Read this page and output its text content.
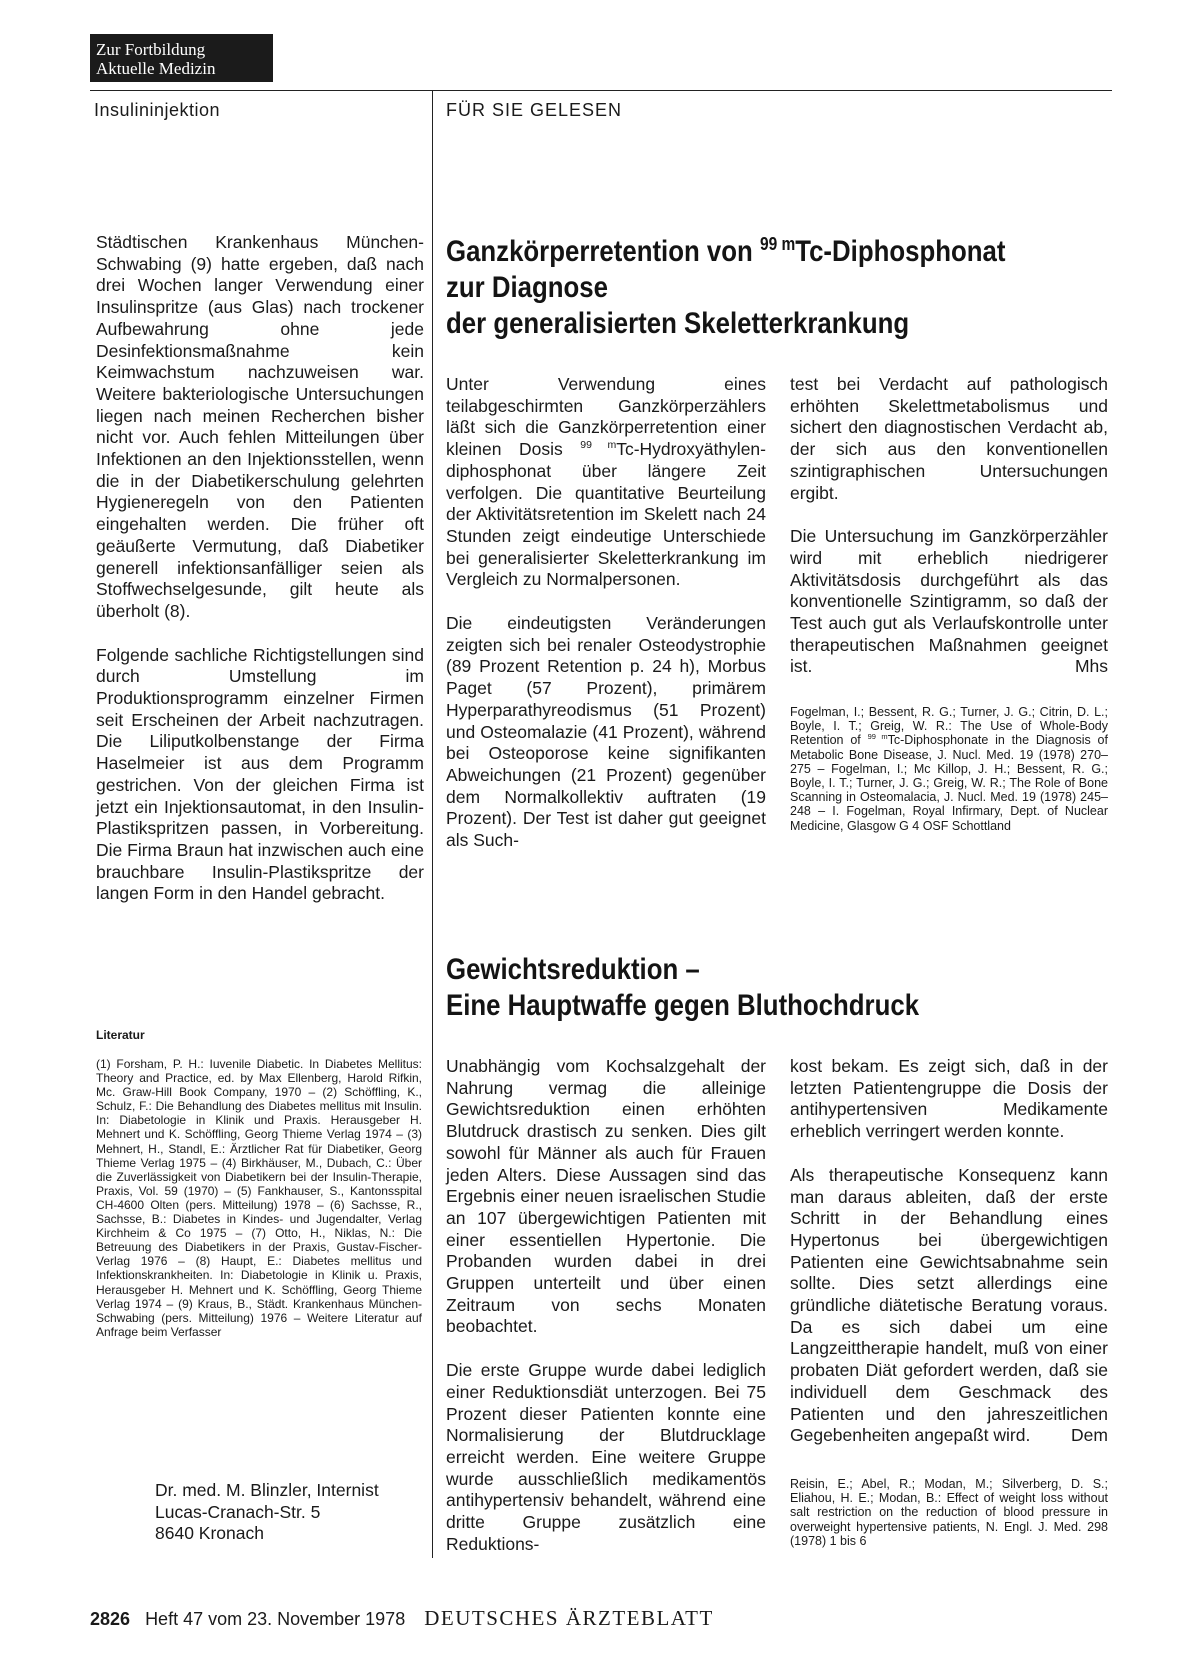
Zur Fortbildung
Aktuelle Medizin
Insulininjektion	FÜR SIE GELESEN

Städtischen Krankenhaus München-Schwabing (9) hatte ergeben, daß nach drei Wochen langer Verwendung einer Insulinspritze (aus Glas) nach trockener Aufbewahrung ohne jede Desinfektionsmaßnahme kein Keimwachstum nachzuweisen war. Weitere bakteriologische Untersuchungen liegen nach meinen Recherchen bisher nicht vor. Auch fehlen Mitteilungen über Infektionen an den Injektionsstellen, wenn die in der Diabetikerschulung gelehrten Hygieneregeln von den Patienten eingehalten werden. Die früher oft geäußerte Vermutung, daß Diabetiker generell infektionsanfälliger seien als Stoffwechselgesunde, gilt heute als überholt (8).

Folgende sachliche Richtigstellungen sind durch Umstellung im Produktionsprogramm einzelner Firmen seit Erscheinen der Arbeit nachzutragen. Die Liliputkolbenstange der Firma Haselmeier ist aus dem Programm gestrichen. Von der gleichen Firma ist jetzt ein Injektionsautomat, in den Insulin-Plastikspritzen passen, in Vorbereitung. Die Firma Braun hat inzwischen auch eine brauchbare Insulin-Plastikspritze der langen Form in den Handel gebracht.

Literatur

(1) Forsham, P. H.: Iuvenile Diabetic. In Diabetes Mellitus: Theory and Practice, ed. by Max Ellenberg, Harold Rifkin, Mc. Graw-Hill Book Company, 1970 – (2) Schöffling, K., Schulz, F.: Die Behandlung des Diabetes mellitus mit Insulin. In: Diabetologie in Klinik und Praxis. Herausgeber H. Mehnert und K. Schöffling, Georg Thieme Verlag 1974 – (3) Mehnert, H., Standl, E.: Ärztlicher Rat für Diabetiker, Georg Thieme Verlag 1975 – (4) Birkhäuser, M., Dubach, C.: Über die Zuverlässigkeit von Diabetikern bei der Insulin-Therapie, Praxis, Vol. 59 (1970) – (5) Fankhauser, S., Kantonsspital CH-4600 Olten (pers. Mitteilung) 1978 – (6) Sachsse, R., Sachsse, B.: Diabetes in Kindes- und Jugendalter, Verlag Kirchheim & Co 1975 – (7) Otto, H., Niklas, N.: Die Betreuung des Diabetikers in der Praxis, Gustav-Fischer-Verlag 1976 – (8) Haupt, E.: Diabetes mellitus und Infektionskrankheiten. In: Diabetologie in Klinik u. Praxis, Herausgeber H. Mehnert und K. Schöffling, Georg Thieme Verlag 1974 – (9) Kraus, B., Städt. Krankenhaus München-Schwabing (pers. Mitteilung) 1976 – Weitere Literatur auf Anfrage beim Verfasser

Dr. med. M. Blinzler, Internist
Lucas-Cranach-Str. 5
8640 Kronach
Ganzkörperretention von $^{99 m}$Tc-Diphosphonat
zur Diagnose
der generalisierten Skeletterkrankung

Unter Verwendung eines teilabgeschirmten Ganzkörperzählers läßt sich die Ganzkörperretention einer kleinen Dosis $^{99 m}$Tc-Hydroxyäthylen-diphosphonat über längere Zeit verfolgen. Die quantitative Beurteilung der Aktivitätsretention im Skelett nach 24 Stunden zeigt eindeutige Unterschiede bei generalisierter Skeletterkrankung im Vergleich zu Normalpersonen.

Die eindeutigsten Veränderungen zeigten sich bei renaler Osteodystrophie (89 Prozent Retention p. 24 h), Morbus Paget (57 Prozent), primärem Hyperparathyreodismus (51 Prozent) und Osteomalazie (41 Prozent), während bei Osteoporose keine signifikanten Abweichungen (21 Prozent) gegenüber dem Normalkollektiv auftraten (19 Prozent). Der Test ist daher gut geeignet als Such-

test bei Verdacht auf pathologisch erhöhten Skelettmetabolismus und sichert den diagnostischen Verdacht ab, der sich aus den konventionellen szintigraphischen Untersuchungen ergibt.

Die Untersuchung im Ganzkörperzähler wird mit erheblich niedrigerer Aktivitätsdosis durchgeführt als das konventionelle Szintigramm, so daß der Test auch gut als Verlaufskontrolle unter therapeutischen Maßnahmen geeignet ist.	Mhs

Fogelman, I.; Bessent, R. G.; Turner, J. G.; Citrin, D. L.; Boyle, I. T.; Greig, W. R.: The Use of Whole-Body Retention of $^{99 m}$Tc-Diphosphonate in the Diagnosis of Metabolic Bone Disease, J. Nucl. Med. 19 (1978) 270–275 – Fogelman, I.; Mc Killop, J. H.; Bessent, R. G.; Boyle, I. T.; Turner, J. G.; Greig, W. R.; The Role of Bone Scanning in Osteomalacia, J. Nucl. Med. 19 (1978) 245–248 – I. Fogelman, Royal Infirmary, Dept. of Nuclear Medicine, Glasgow G 4 OSF Schottland

Gewichtsreduktion –
Eine Hauptwaffe gegen Bluthochdruck

Unabhängig vom Kochsalzgehalt der Nahrung vermag die alleinige Gewichtsreduktion einen erhöhten Blutdruck drastisch zu senken. Dies gilt sowohl für Männer als auch für Frauen jeden Alters. Diese Aussagen sind das Ergebnis einer neuen israelischen Studie an 107 übergewichtigen Patienten mit einer essentiellen Hypertonie. Die Probanden wurden dabei in drei Gruppen unterteilt und über einen Zeitraum von sechs Monaten beobachtet.

Die erste Gruppe wurde dabei lediglich einer Reduktionsdiät unterzogen. Bei 75 Prozent dieser Patienten konnte eine Normalisierung der Blutdrucklage erreicht werden. Eine weitere Gruppe wurde ausschließlich medikamentös antihypertensiv behandelt, während eine dritte Gruppe zusätzlich eine Reduktions-

kost bekam. Es zeigt sich, daß in der letzten Patientengruppe die Dosis der antihypertensiven Medikamente erheblich verringert werden konnte.

Als therapeutische Konsequenz kann man daraus ableiten, daß der erste Schritt in der Behandlung eines Hypertonus bei übergewichtigen Patienten eine Gewichtsabnahme sein sollte. Dies setzt allerdings eine gründliche diätetische Beratung voraus. Da es sich dabei um eine Langzeittherapie handelt, muß von einer probaten Diät gefordert werden, daß sie individuell dem Geschmack des Patienten und den jahreszeitlichen Gegebenheiten angepaßt wird.	Dem

Reisin, E.; Abel, R.; Modan, M.; Silverberg, D. S.; Eliahou, H. E.; Modan, B.: Effect of weight loss without salt restriction on the reduction of blood pressure in overweight hypertensive patients, N. Engl. J. Med. 298 (1978) 1 bis 6

2826 Heft 47 vom 23. November 1978 DEUTSCHES ÄRZTEBLATT
